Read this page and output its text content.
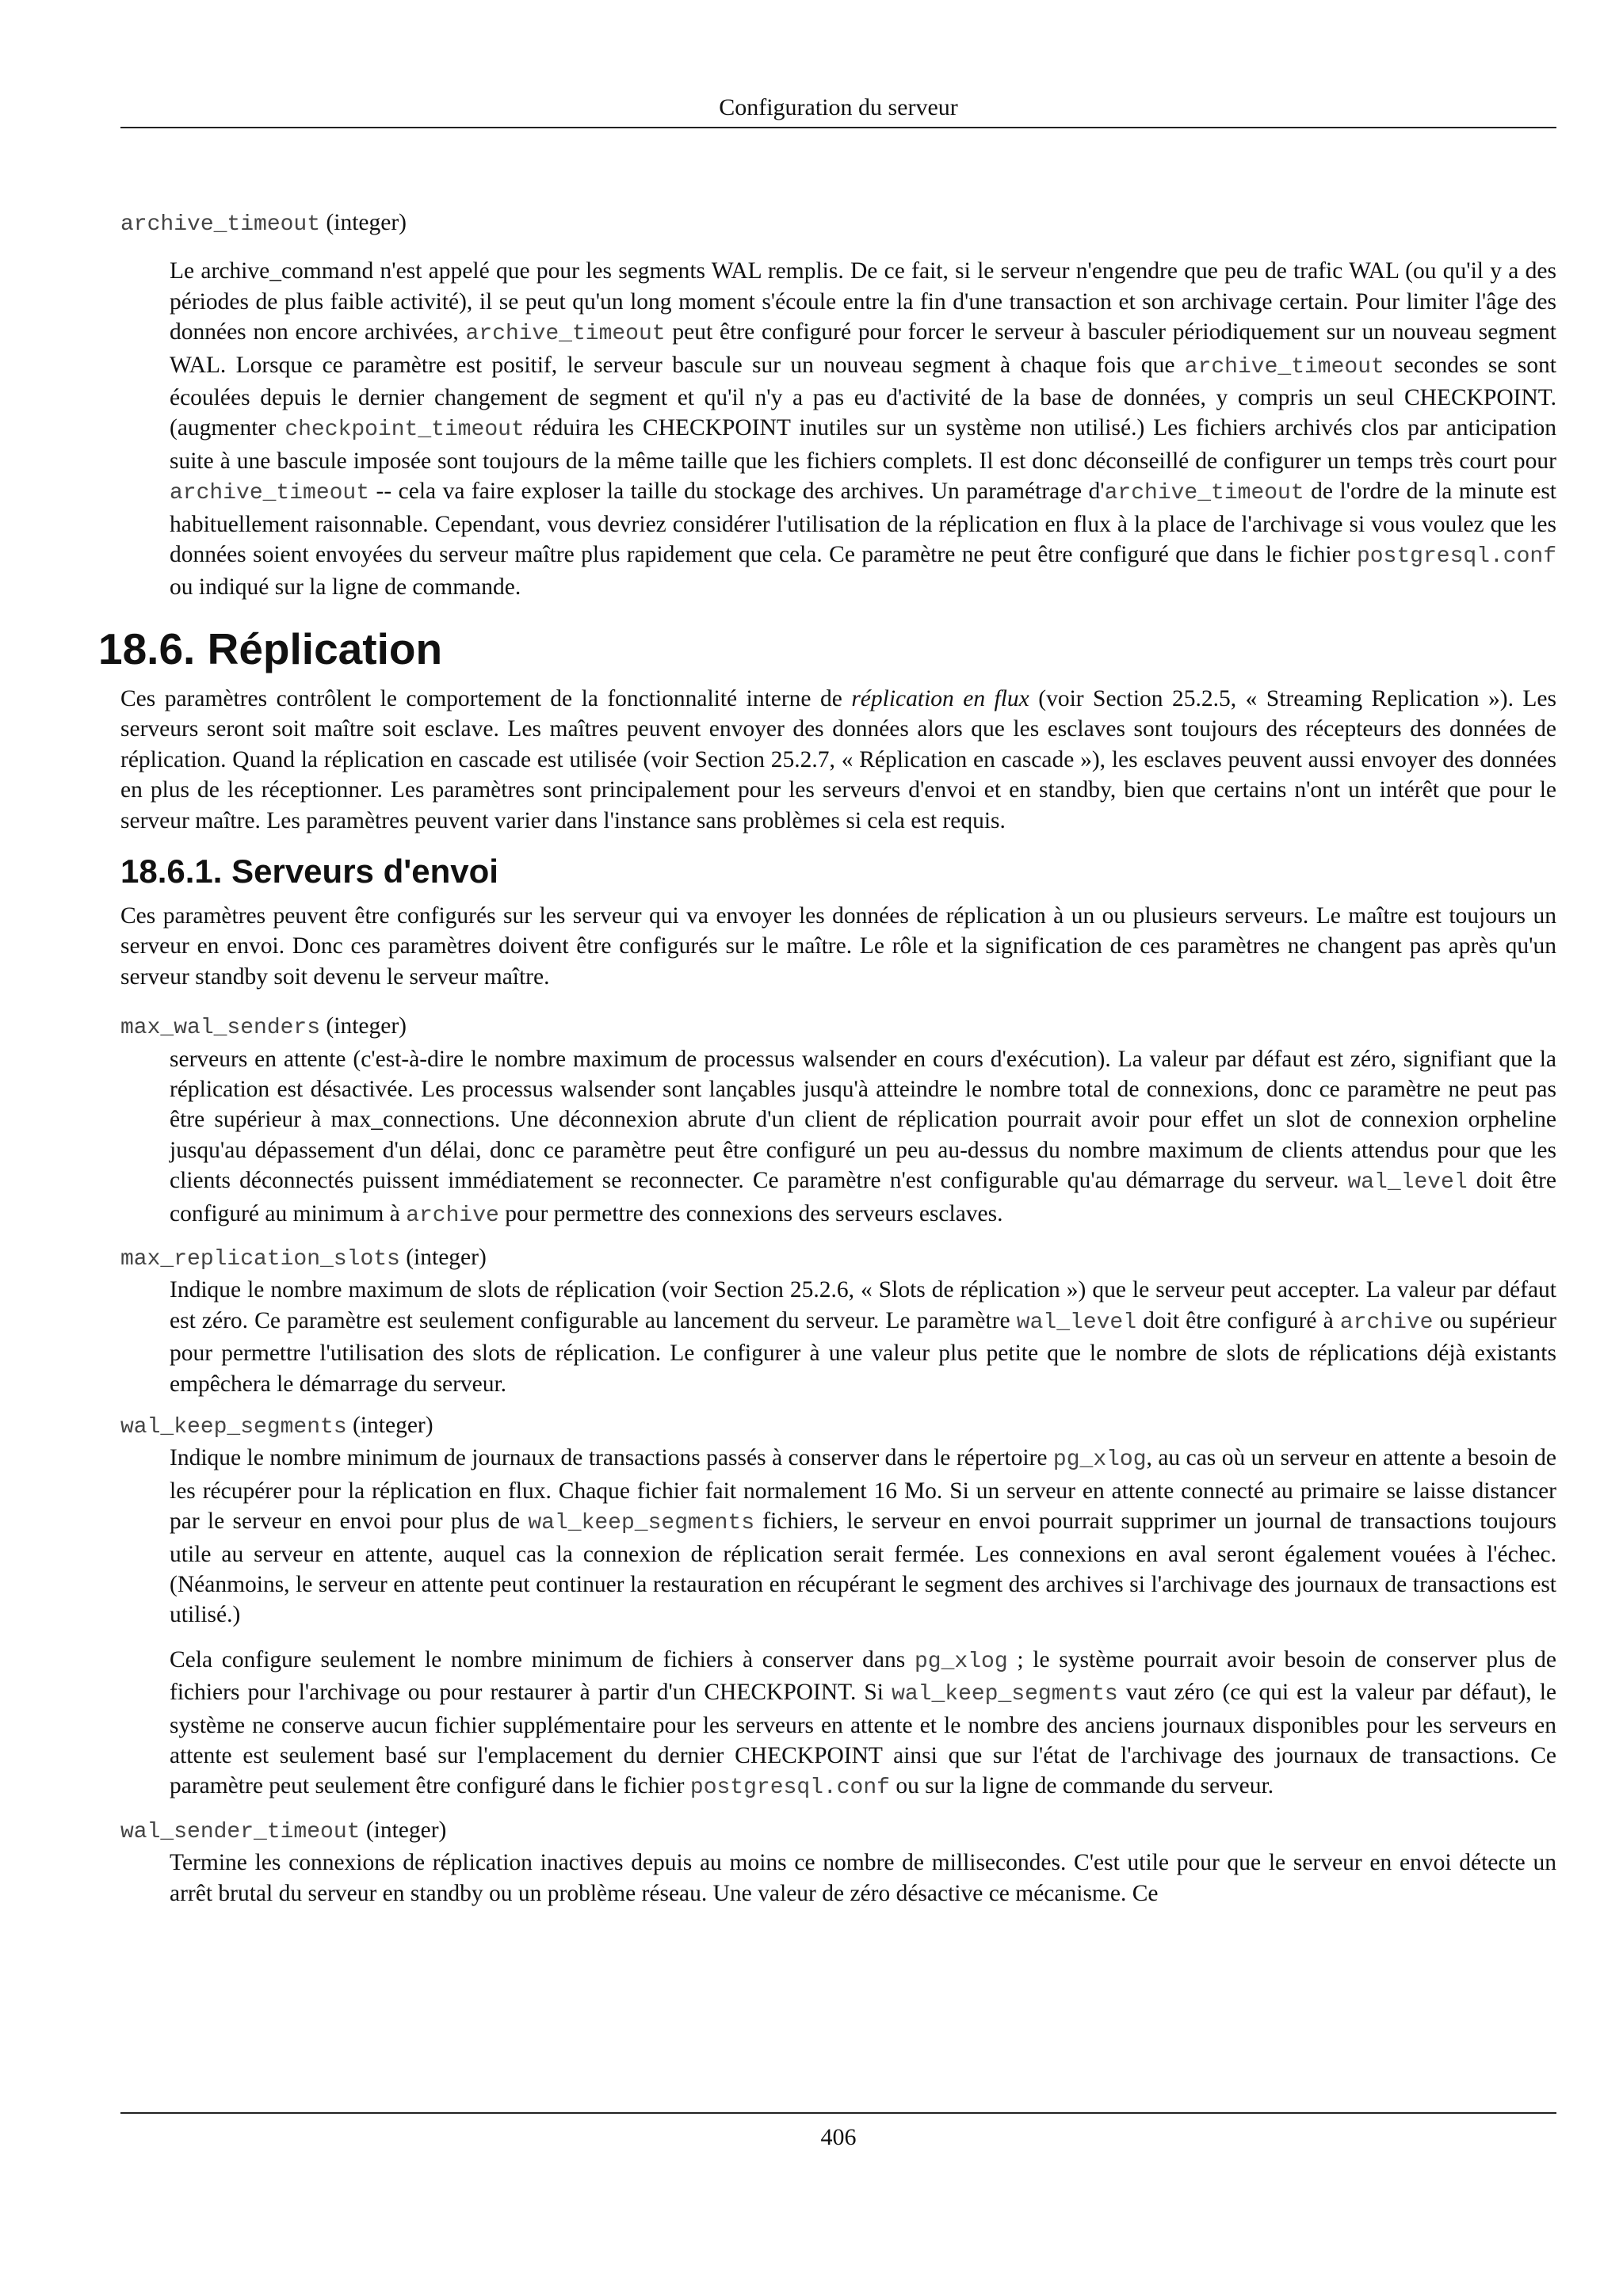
Configuration du serveur

archive_timeout (integer)

Le archive_command n'est appelé que pour les segments WAL remplis. De ce fait, si le serveur n'engendre que peu de trafic WAL (ou qu'il y a des périodes de plus faible activité), il se peut qu'un long moment s'écoule entre la fin d'une transaction et son archivage certain. Pour limiter l'âge des données non encore archivées, archive_timeout peut être configuré pour forcer le serveur à basculer périodiquement sur un nouveau segment WAL. Lorsque ce paramètre est positif, le serveur bascule sur un nouveau segment à chaque fois que archive_timeout secondes se sont écoulées depuis le dernier changement de segment et qu'il n'y a pas eu d'activité de la base de données, y compris un seul CHECKPOINT. (augmenter checkpoint_timeout réduira les CHECKPOINT inutiles sur un système non utilisé.) Les fichiers archivés clos par anticipation suite à une bascule imposée sont toujours de la même taille que les fichiers complets. Il est donc déconseillé de configurer un temps très court pour archive_timeout -- cela va faire exploser la taille du stockage des archives. Un paramétrage d'archive_timeout de l'ordre de la minute est habituellement raisonnable. Cependant, vous devriez considérer l'utilisation de la réplication en flux à la place de l'archivage si vous voulez que les données soient envoyées du serveur maître plus rapidement que cela. Ce paramètre ne peut être configuré que dans le fichier postgresql.conf ou indiqué sur la ligne de commande.

18.6. Réplication

Ces paramètres contrôlent le comportement de la fonctionnalité interne de réplication en flux (voir Section 25.2.5, « Streaming Replication »). Les serveurs seront soit maître soit esclave. Les maîtres peuvent envoyer des données alors que les esclaves sont toujours des récepteurs des données de réplication. Quand la réplication en cascade est utilisée (voir Section 25.2.7, « Réplication en cascade »), les esclaves peuvent aussi envoyer des données en plus de les réceptionner. Les paramètres sont principalement pour les serveurs d'envoi et en standby, bien que certains n'ont un intérêt que pour le serveur maître. Les paramètres peuvent varier dans l'instance sans problèmes si cela est requis.

18.6.1. Serveurs d'envoi

Ces paramètres peuvent être configurés sur les serveur qui va envoyer les données de réplication à un ou plusieurs serveurs. Le maître est toujours un serveur en envoi. Donc ces paramètres doivent être configurés sur le maître. Le rôle et la signification de ces paramètres ne changent pas après qu'un serveur standby soit devenu le serveur maître.

max_wal_senders (integer)

serveurs en attente (c'est-à-dire le nombre maximum de processus walsender en cours d'exécution). La valeur par défaut est zéro, signifiant que la réplication est désactivée. Les processus walsender sont lançables jusqu'à atteindre le nombre total de connexions, donc ce paramètre ne peut pas être supérieur à max_connections. Une déconnexion abrute d'un client de réplication pourrait avoir pour effet un slot de connexion orpheline jusqu'au dépassement d'un délai, donc ce paramètre peut être configuré un peu au-dessus du nombre maximum de clients attendus pour que les clients déconnectés puissent immédiatement se reconnecter. Ce paramètre n'est configurable qu'au démarrage du serveur. wal_level doit être configuré au minimum à archive pour permettre des connexions des serveurs esclaves.

max_replication_slots (integer)

Indique le nombre maximum de slots de réplication (voir Section 25.2.6, « Slots de réplication ») que le serveur peut accepter. La valeur par défaut est zéro. Ce paramètre est seulement configurable au lancement du serveur. Le paramètre wal_level doit être configuré à archive ou supérieur pour permettre l'utilisation des slots de réplication. Le configurer à une valeur plus petite que le nombre de slots de réplications déjà existants empêchera le démarrage du serveur.

wal_keep_segments (integer)

Indique le nombre minimum de journaux de transactions passés à conserver dans le répertoire pg_xlog, au cas où un serveur en attente a besoin de les récupérer pour la réplication en flux. Chaque fichier fait normalement 16 Mo. Si un serveur en attente connecté au primaire se laisse distancer par le serveur en envoi pour plus de wal_keep_segments fichiers, le serveur en envoi pourrait supprimer un journal de transactions toujours utile au serveur en attente, auquel cas la connexion de réplication serait fermée. Les connexions en aval seront également vouées à l'échec. (Néanmoins, le serveur en attente peut continuer la restauration en récupérant le segment des archives si l'archivage des journaux de transactions est utilisé.)

Cela configure seulement le nombre minimum de fichiers à conserver dans pg_xlog ; le système pourrait avoir besoin de conserver plus de fichiers pour l'archivage ou pour restaurer à partir d'un CHECKPOINT. Si wal_keep_segments vaut zéro (ce qui est la valeur par défaut), le système ne conserve aucun fichier supplémentaire pour les serveurs en attente et le nombre des anciens journaux disponibles pour les serveurs en attente est seulement basé sur l'emplacement du dernier CHECKPOINT ainsi que sur l'état de l'archivage des journaux de transactions. Ce paramètre peut seulement être configuré dans le fichier postgresql.conf ou sur la ligne de commande du serveur.

wal_sender_timeout (integer)

Termine les connexions de réplication inactives depuis au moins ce nombre de millisecondes. C'est utile pour que le serveur en envoi détecte un arrêt brutal du serveur en standby ou un problème réseau. Une valeur de zéro désactive ce mécanisme. Ce

406
